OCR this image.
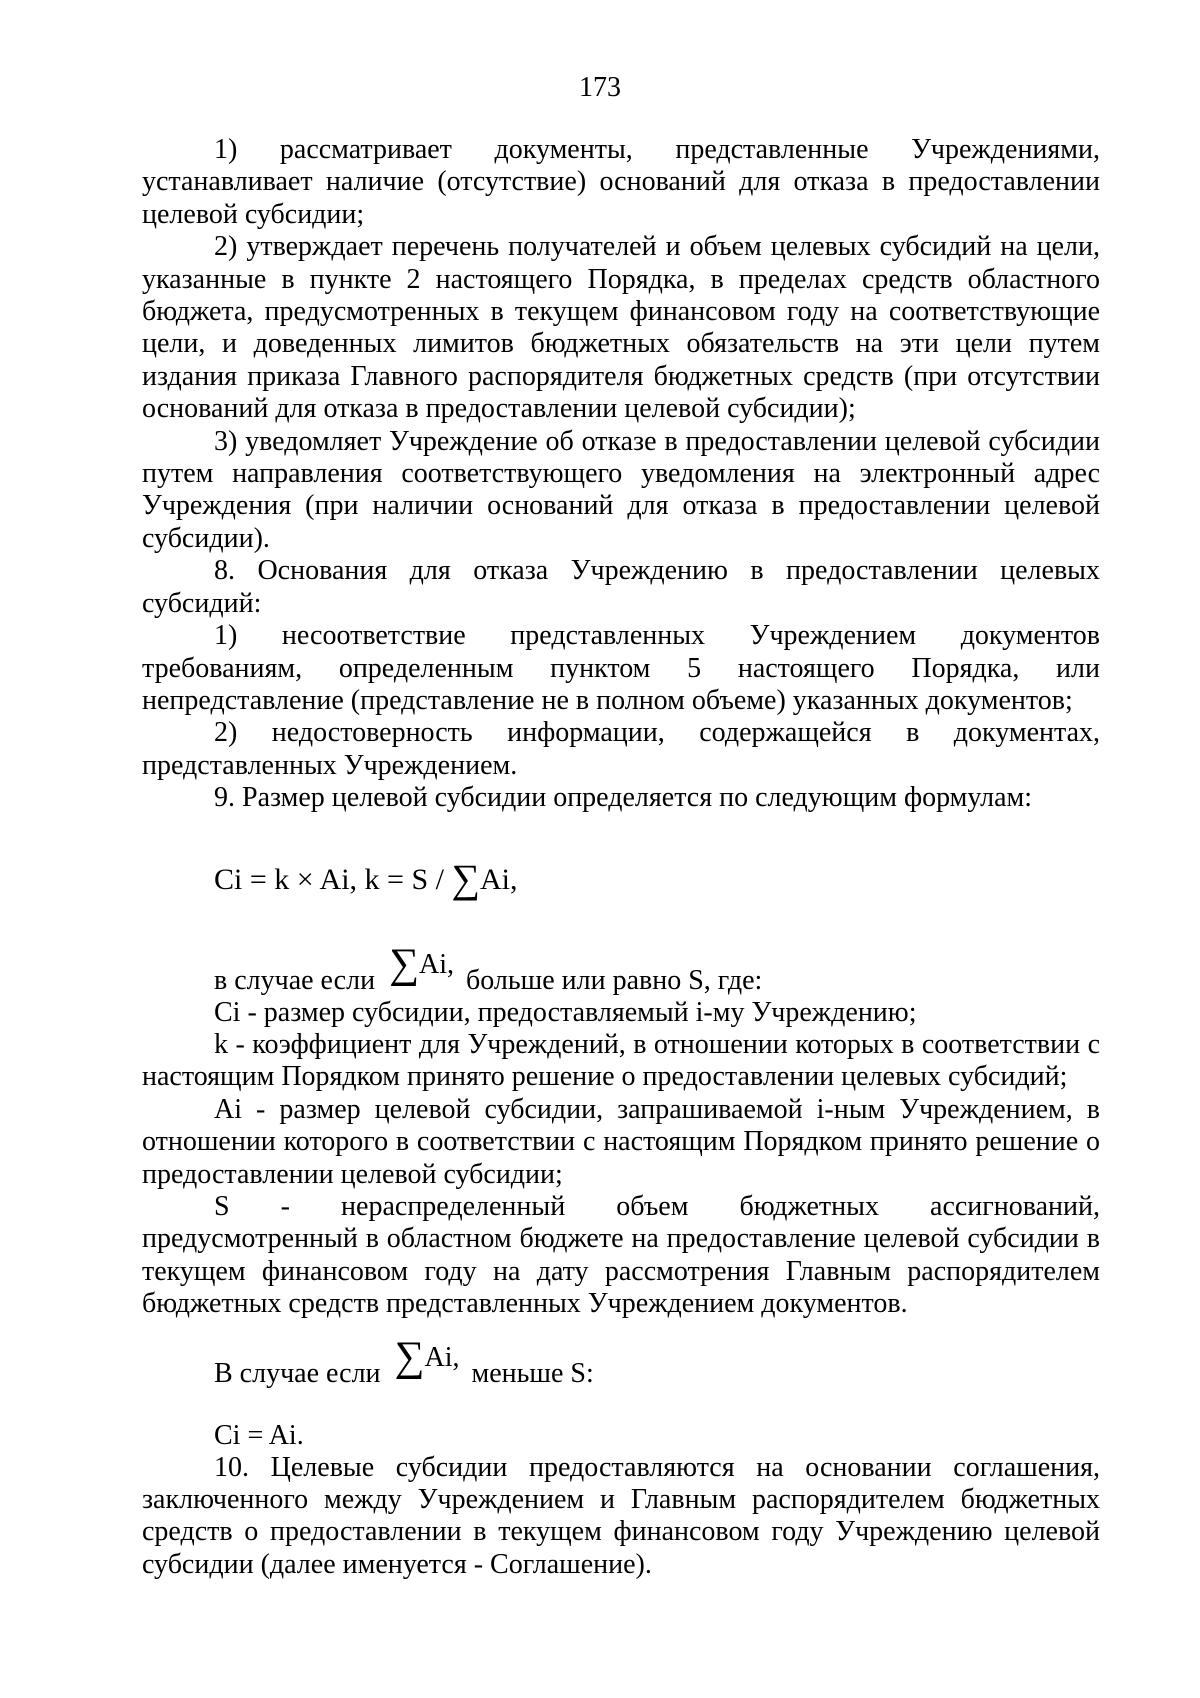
173

1) рассматривает документы, представленные Учреждениями, устанавливает наличие (отсутствие) оснований для отказа в предоставлении целевой субсидии;

2) утверждает перечень получателей и объем целевых субсидий на цели, указанные в пункте 2 настоящего Порядка, в пределах средств областного бюджета, предусмотренных в текущем финансовом году на соответствующие цели, и доведенных лимитов бюджетных обязательств на эти цели путем издания приказа Главного распорядителя бюджетных средств (при отсутствии оснований для отказа в предоставлении целевой субсидии);

3) уведомляет Учреждение об отказе в предоставлении целевой субсидии путем направления соответствующего уведомления на электронный адрес Учреждения (при наличии оснований для отказа в предоставлении целевой субсидии).

8. Основания для отказа Учреждению в предоставлении целевых субсидий:

1) несоответствие представленных Учреждением документов требованиям, определенным пунктом 5 настоящего Порядка, или непредставление (представление не в полном объеме) указанных документов;

2) недостоверность информации, содержащейся в документах, представленных Учреждением.

9. Размер целевой субсидии определяется по следующим формулам:

Ci = k × Ai, k = S / ∑Ai,

в случае если ∑Ai,больше или равно S, где:

Ci - размер субсидии, предоставляемый i-му Учреждению;

k - коэффициент для Учреждений, в отношении которых в соответствии с настоящим Порядком принято решение о предоставлении целевых субсидий;

Ai - размер целевой субсидии, запрашиваемой i-ным Учреждением, в отношении которого в соответствии с настоящим Порядком принято решение о предоставлении целевой субсидии;

S - нераспределенный объем бюджетных ассигнований, предусмотренный в областном бюджете на предоставление целевой субсидии в текущем финансовом году на дату рассмотрения Главным распорядителем бюджетных средств представленных Учреждением документов.

В случае если ∑Ai,меньше S:

Ci = Ai.

10. Целевые субсидии предоставляются на основании соглашения, заключенного между Учреждением и Главным распорядителем бюджетных средств о предоставлении в текущем финансовом году Учреждению целевой субсидии (далее именуется - Соглашение).
